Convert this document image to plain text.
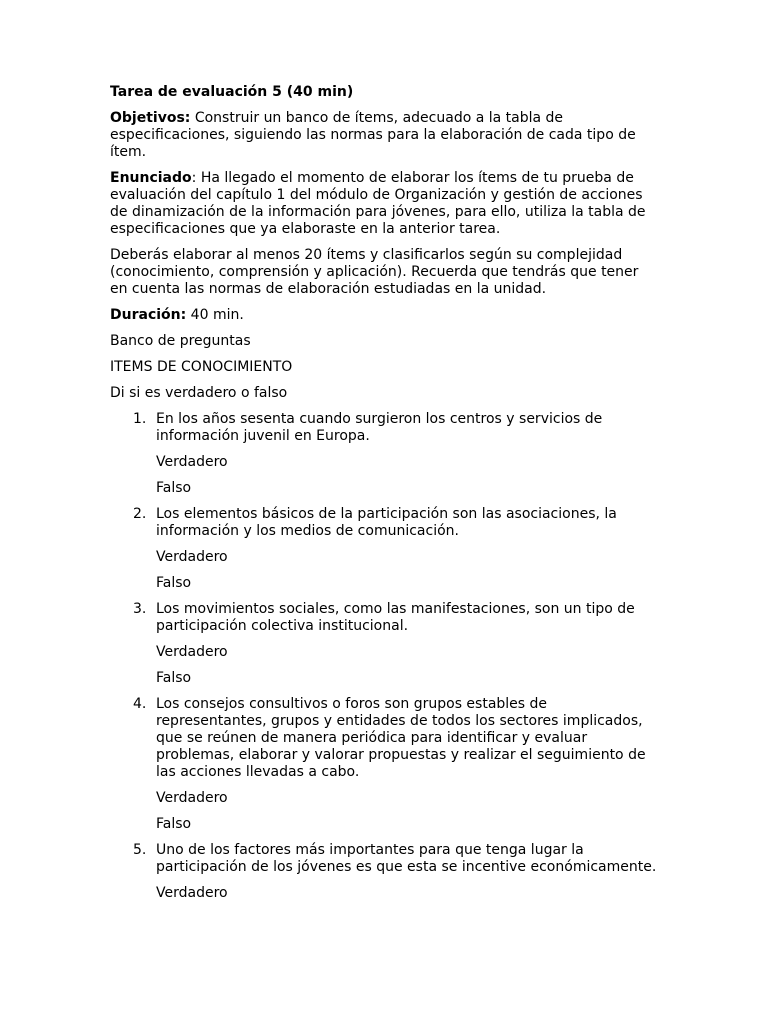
Tarea de evaluación 5 (40 min)

Objetivos: Construir un banco de ítems, adecuado a la tabla de especificaciones, siguiendo las normas para la elaboración de cada tipo de ítem.

Enunciado: Ha llegado el momento de elaborar los ítems de tu prueba de evaluación del capítulo 1 del módulo de Organización y gestión de acciones de dinamización de la información para jóvenes, para ello, utiliza la tabla de especificaciones que ya elaboraste en la anterior tarea.

Deberás elaborar al menos 20 ítems y clasificarlos según su complejidad (conocimiento, comprensión y aplicación). Recuerda que tendrás que tener en cuenta las normas de elaboración estudiadas en la unidad.

Duración: 40 min.

Banco de preguntas

ITEMS DE CONOCIMIENTO

Di si es verdadero o falso

1. En los años sesenta cuando surgieron los centros y servicios de información juvenil en Europa.
Verdadero
Falso
2. Los elementos básicos de la participación son las asociaciones, la información y los medios de comunicación.
Verdadero
Falso
3. Los movimientos sociales, como las manifestaciones, son un tipo de participación colectiva institucional.
Verdadero
Falso
4. Los consejos consultivos o foros son grupos estables de representantes, grupos y entidades de todos los sectores implicados, que se reúnen de manera periódica para identificar y evaluar problemas, elaborar y valorar propuestas y realizar el seguimiento de las acciones llevadas a cabo.
Verdadero
Falso
5. Uno de los factores más importantes para que tenga lugar la participación de los jóvenes es que esta se incentive económicamente.
Verdadero
